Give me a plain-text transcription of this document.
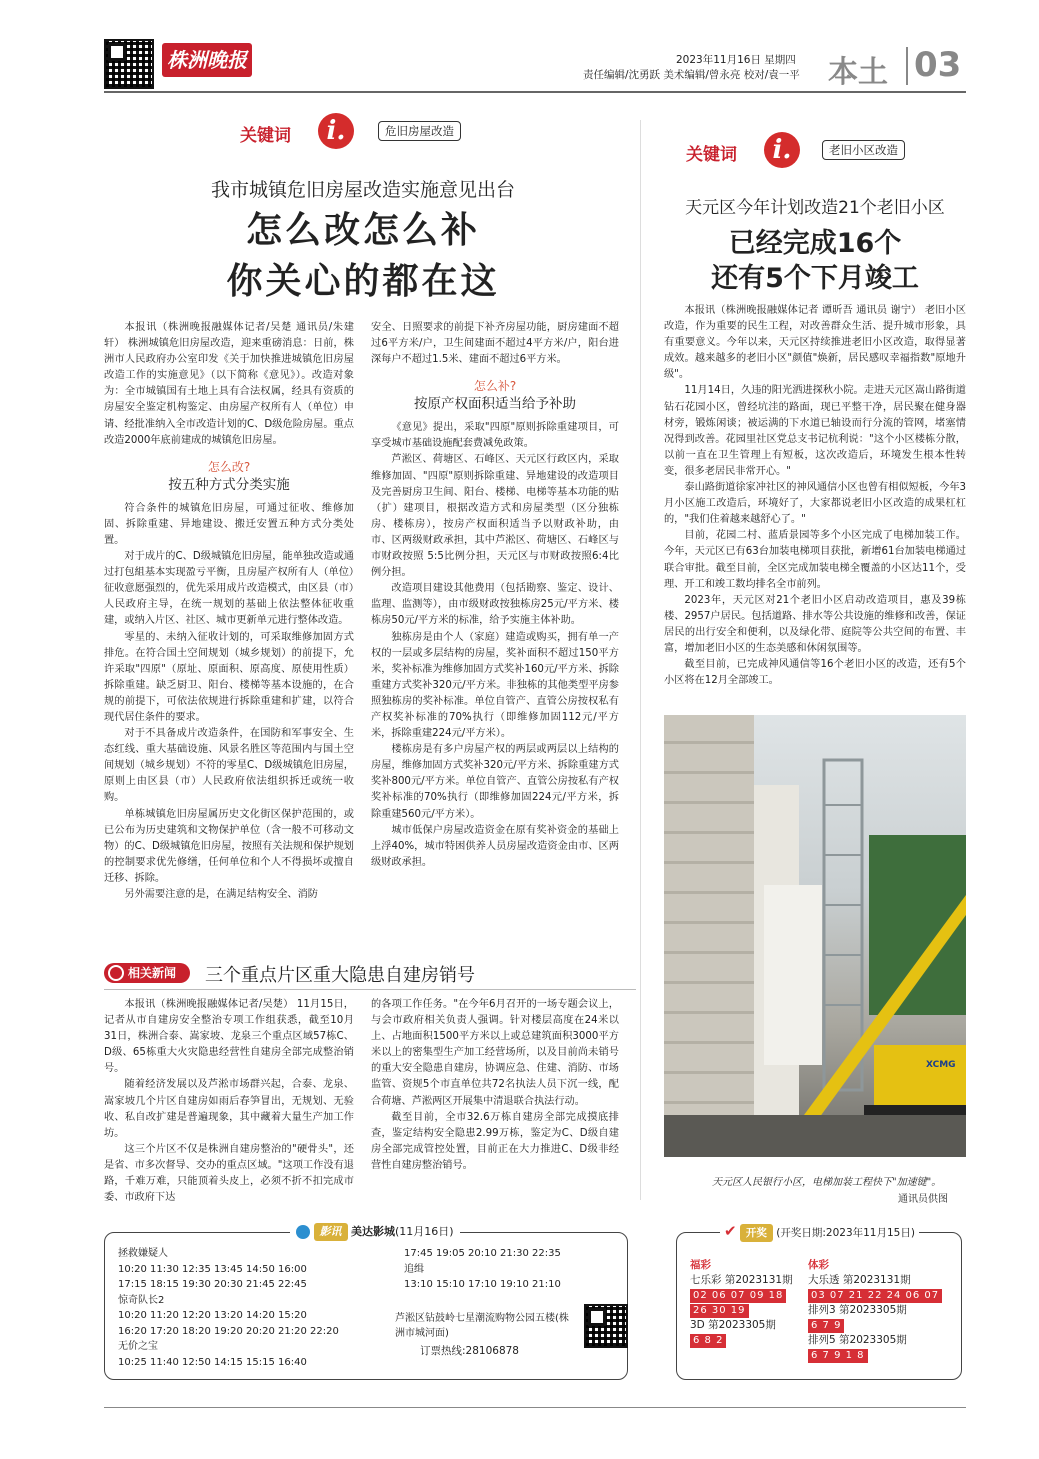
株洲晚报	2023年11月16日 星期四
责任编辑/沈勇跃 美术编辑/曾永亮 校对/袁一平 本土 03
关键词	i.	危旧房屋改造
我市城镇危旧房屋改造实施意见出台
怎么改怎么补
你关心的都在这

本报讯（株洲晚报融媒体记者/吴楚 通讯员/朱建轩） 株洲城镇危旧房屋改造，迎来重磅消息：日前，株洲市人民政府办公室印发《关于加快推进城镇危旧房屋改造工作的实施意见》（以下简称《意见》）。改造对象为：全市城镇国有土地上具有合法权属，经具有资质的房屋安全鉴定机构鉴定、由房屋产权所有人（单位）申请、经批准纳入全市改造计划的C、D级危险房屋。重点改造2000年底前建成的城镇危旧房屋。

怎么改?
按五种方式分类实施

符合条件的城镇危旧房屋，可通过征收、维修加固、拆除重建、异地建设、搬迁安置五种方式分类处置。

对于成片的C、D级城镇危旧房屋，能单独改造或通过打包組基本实现盈亏平衡，且房屋产权所有人（单位）征收意愿强烈的，优先采用成片改造模式，由区县（市）人民政府主导，在统一规划的基础上依法整体征收重建，或纳入片区、社区、城市更新单元进行整体改造。

零星的、未纳入征收计划的，可采取维修加固方式排危。在符合国土空间规划（城乡规划）的前提下，允许采取"四原"（原址、原面积、原高度、原使用性质）拆除重建。缺乏厨卫、阳台、楼梯等基本设施的，在合规的前提下，可依法依规进行拆除重建和扩建，以符合现代居住条件的要求。

对于不具备成片改造条件，在国防和军事安全、生态红线、重大基础设施、风景名胜区等范围内与国土空间规划（城乡规划）不符的零星C、D级城镇危旧房屋，原则上由区县（市）人民政府依法组织拆迁或统一收购。

单栋城镇危旧房屋属历史文化街区保护范围的，或已公布为历史建筑和文物保护单位（含一般不可移动文物）的C、D级城镇危旧房屋，按照有关法规和保护规划的控制要求优先修缮，任何单位和个人不得损坏或擅自迁移、拆除。

另外需要注意的是，在满足结构安全、消防

安全、日照要求的前提下补齐房屋功能，厨房建面不超过6平方米/户，卫生间建面不超过4平方米/户，阳台进深每户不超过1.5米、建面不超过6平方米。

怎么补?
按原产权面积适当给予补助

《意见》提出，采取"四原"原则拆除重建项目，可享受城市基础设施配套费减免政策。

芦淞区、荷塘区、石峰区、天元区行政区内，采取维修加固、"四原"原则拆除重建、异地建设的改造项目及完善厨房卫生间、阳台、楼梯、电梯等基本功能的贴（扩）建项目，根据改造方式和房屋类型（区分独栋房、楼栋房），按房产权面积适当予以财政补助，由市、区两级财政承担，其中芦淞区、荷塘区、石峰区与市财政按照 5:5比例分担，天元区与市财政按照6:4比例分担。

改造项目建设其他费用（包括勘察、鉴定、设计、监理、监测等），由市级财政按独栋房25元/平方米、楼栋房50元/平方米的标准，给予实施主体补助。

独栋房是由个人（家庭）建造或购买，拥有单一产权的一层或多层结构的房屋，奖补面积不超过150平方米，奖补标准为维修加固方式奖补160元/平方米、拆除重建方式奖补320元/平方米。非独栋的其他类型平房参照独栋房的奖补标准。单位自管产、直管公房按权私有产权奖补标准的70%执行（即维修加固112元/平方米，拆除重建224元/平方米）。

楼栋房是有多户房屋产权的两层或两层以上结构的房屋，维修加固方式奖补320元/平方米、拆除重建方式奖补800元/平方米。单位自管产、直管公房按私有产权奖补标准的70%执行（即维修加固224元/平方米，拆除重建560元/平方米）。

城市低保户房屋改造资金在原有奖补资金的基础上上浮40%，城市特困供养人员房屋改造资金由市、区两级财政承担。

相关新闻	三个重点片区重大隐患自建房销号

本报讯（株洲晚报融媒体记者/吴楚） 11月15日，记者从市自建房安全整治专项工作组获悉，截至10月31日，株洲合泰、嵩家坡、龙泉三个重点区域57栋C、D级、65栋重大火灾隐患经营性自建房全部完成整治销号。

随着经济发展以及芦淞市场群兴起，合泰、龙泉、嵩家坡几个片区自建房如雨后春笋冒出，无规划、无验收、私自改扩建是普遍现象，其中藏着大量生产加工作坊。

这三个片区不仅是株洲自建房整治的"硬骨头"，还是省、市多次督导、交办的重点区域。"这项工作没有退路，千难万难，只能顶着头皮上，必须不折不扣完成市委、市政府下达

的各项工作任务。"在今年6月召开的一场专题会议上，与会市政府相关负责人强调。针对楼层高度在24米以上、占地面积1500平方米以上或总建筑面积3000平方米以上的密集型生产加工经营场所，以及目前尚未销号的重大安全隐患自建房，协调应急、住建、消防、市场监管、资规5个市直单位共72名执法人员下沉一线，配合荷塘、芦淞两区开展集中清退联合执法行动。

截至目前，全市32.6万栋自建房全部完成摸底排查，鉴定结构安全隐患2.99万栋，鉴定为C、D级自建房全部完成管控处置，目前正在大力推进C、D级非经营性自建房整治销号。

关键词	i.	老旧小区改造
天元区今年计划改造21个老旧小区
已经完成16个
还有5个下月竣工

本报讯（株洲晚报融媒体记者 谭昕吾 通讯员 谢宁） 老旧小区改造，作为重要的民生工程，对改善群众生活、提升城市形象，具有重要意义。今年以来，天元区持续推进老旧小区改造，取得显著成效。越来越多的老旧小区"颜值"焕新，居民感叹幸福指数"原地升级"。

11月14日，久违的阳光洒进探秋小院。走进天元区嵩山路街道钻石花园小区，曾经坑洼的路面，现已平整干净，居民聚在健身器材旁，锻炼闲谈；被运满的下水道已轴设而行分流的管网，堵塞情况得到改善。花园里社区党总支书记杭利说："这个小区楼栋分散，以前一直在卫生管理上有短板，这次改造后，环境发生根本性转变，很多老居民非常开心。"

泰山路街道徐家冲社区的神风通信小区也曾有相似短板，今年3月小区施工改造后，环境好了，大家都说老旧小区改造的成果杠杠的，"我们住着越来越舒心了。"

目前，花园二村、蓝盾景园等多个小区完成了电梯加装工作。今年，天元区已有63台加装电梯项目获批，新增61台加装电梯通过联合审批。截至目前，全区完成加装电梯全覆盖的小区达11个，受理、开工和竣工数均排名全市前列。

2023年，天元区对21个老旧小区启动改造项目，惠及39栋楼、2957户居民。包括道路、排水等公共设施的维修和改善，保证居民的出行安全和便利，以及绿化带、庭院等公共空间的布置、丰富，增加老旧小区的生态美感和休闲氛围等。

截至目前，已完成神风通信等16个老旧小区的改造，还有5个小区将在12月全部竣工。

XCMG
天元区人民银行小区，电梯加装工程快下"加速键"。
通讯员供图
影讯 美达影城(11月16日)
拯救嫌疑人
10:20 11:30 12:35 13:45 14:50 16:00
17:15 18:15 19:30 20:30 21:45 22:45
惊奇队长2
10:20 11:20 12:20 13:20 14:20 15:20
16:20 17:20 18:20 19:20 20:20 21:20 22:20
无价之宝
10:25 11:40 12:50 14:15 15:15 16:40
17:45 19:05 20:10 21:30 22:35
追缉
13:10 15:10 17:10 19:10 21:10
芦淞区钻鼓岭七星潮流购物公园五楼(株洲市城河面)
订票热线:28106878
✔ 开奖 (开奖日期:2023年11月15日)
福彩
七乐彩 第2023131期
02 06 07 09 18
26 30 19
3D 第2023305期
6 8 2
体彩
大乐透 第2023131期
03 07 21 22 24 06 07
排列3 第2023305期
6 7 9
排列5 第2023305期
6 7 9 1 8
